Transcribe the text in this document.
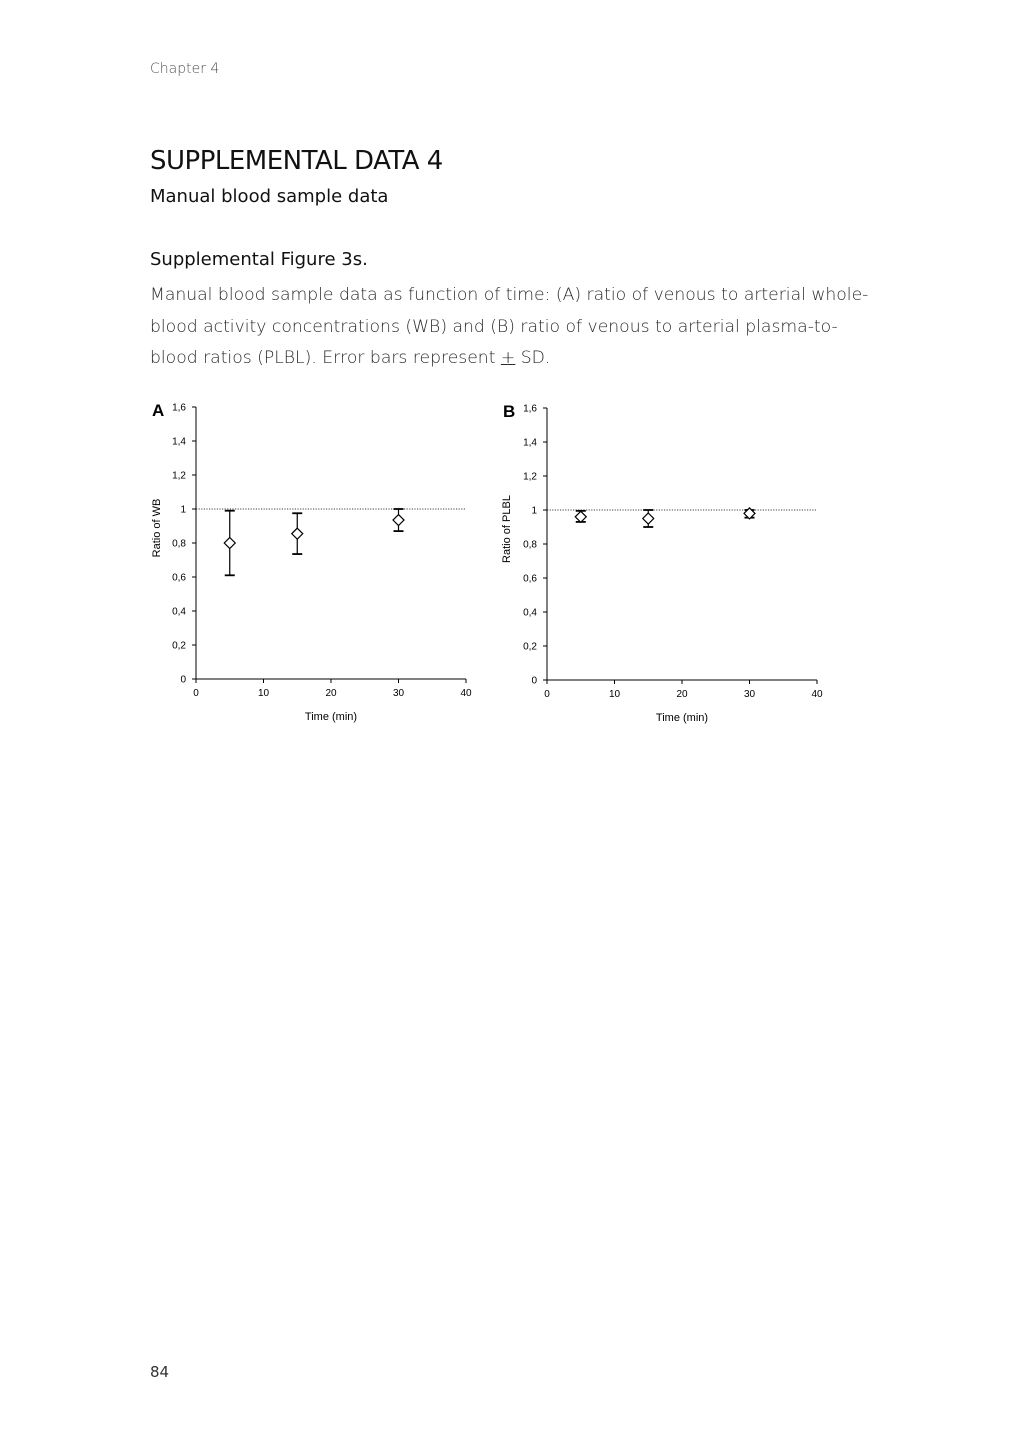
Chapter 4
SUPPLEMENTAL DATA 4
Manual blood sample data
Supplemental Figure 3s.

Manual blood sample data as function of time: (A) ratio of venous to arterial whole-blood activity concentrations (WB) and (B) ratio of venous to arterial plasma-to-blood ratios (PLBL). Error bars represent + SD.

A
0
0,2
0,4
0,6
0,8
1
1,2
1,4
1,6
0	10	20	30	40
Time (min)
Ratio of WB
B
0
0,2
0,4
0,6
0,8
1
1,2
1,4
1,6
0	10	20	30	40
Time (min)
Ratio of PLBL
84
